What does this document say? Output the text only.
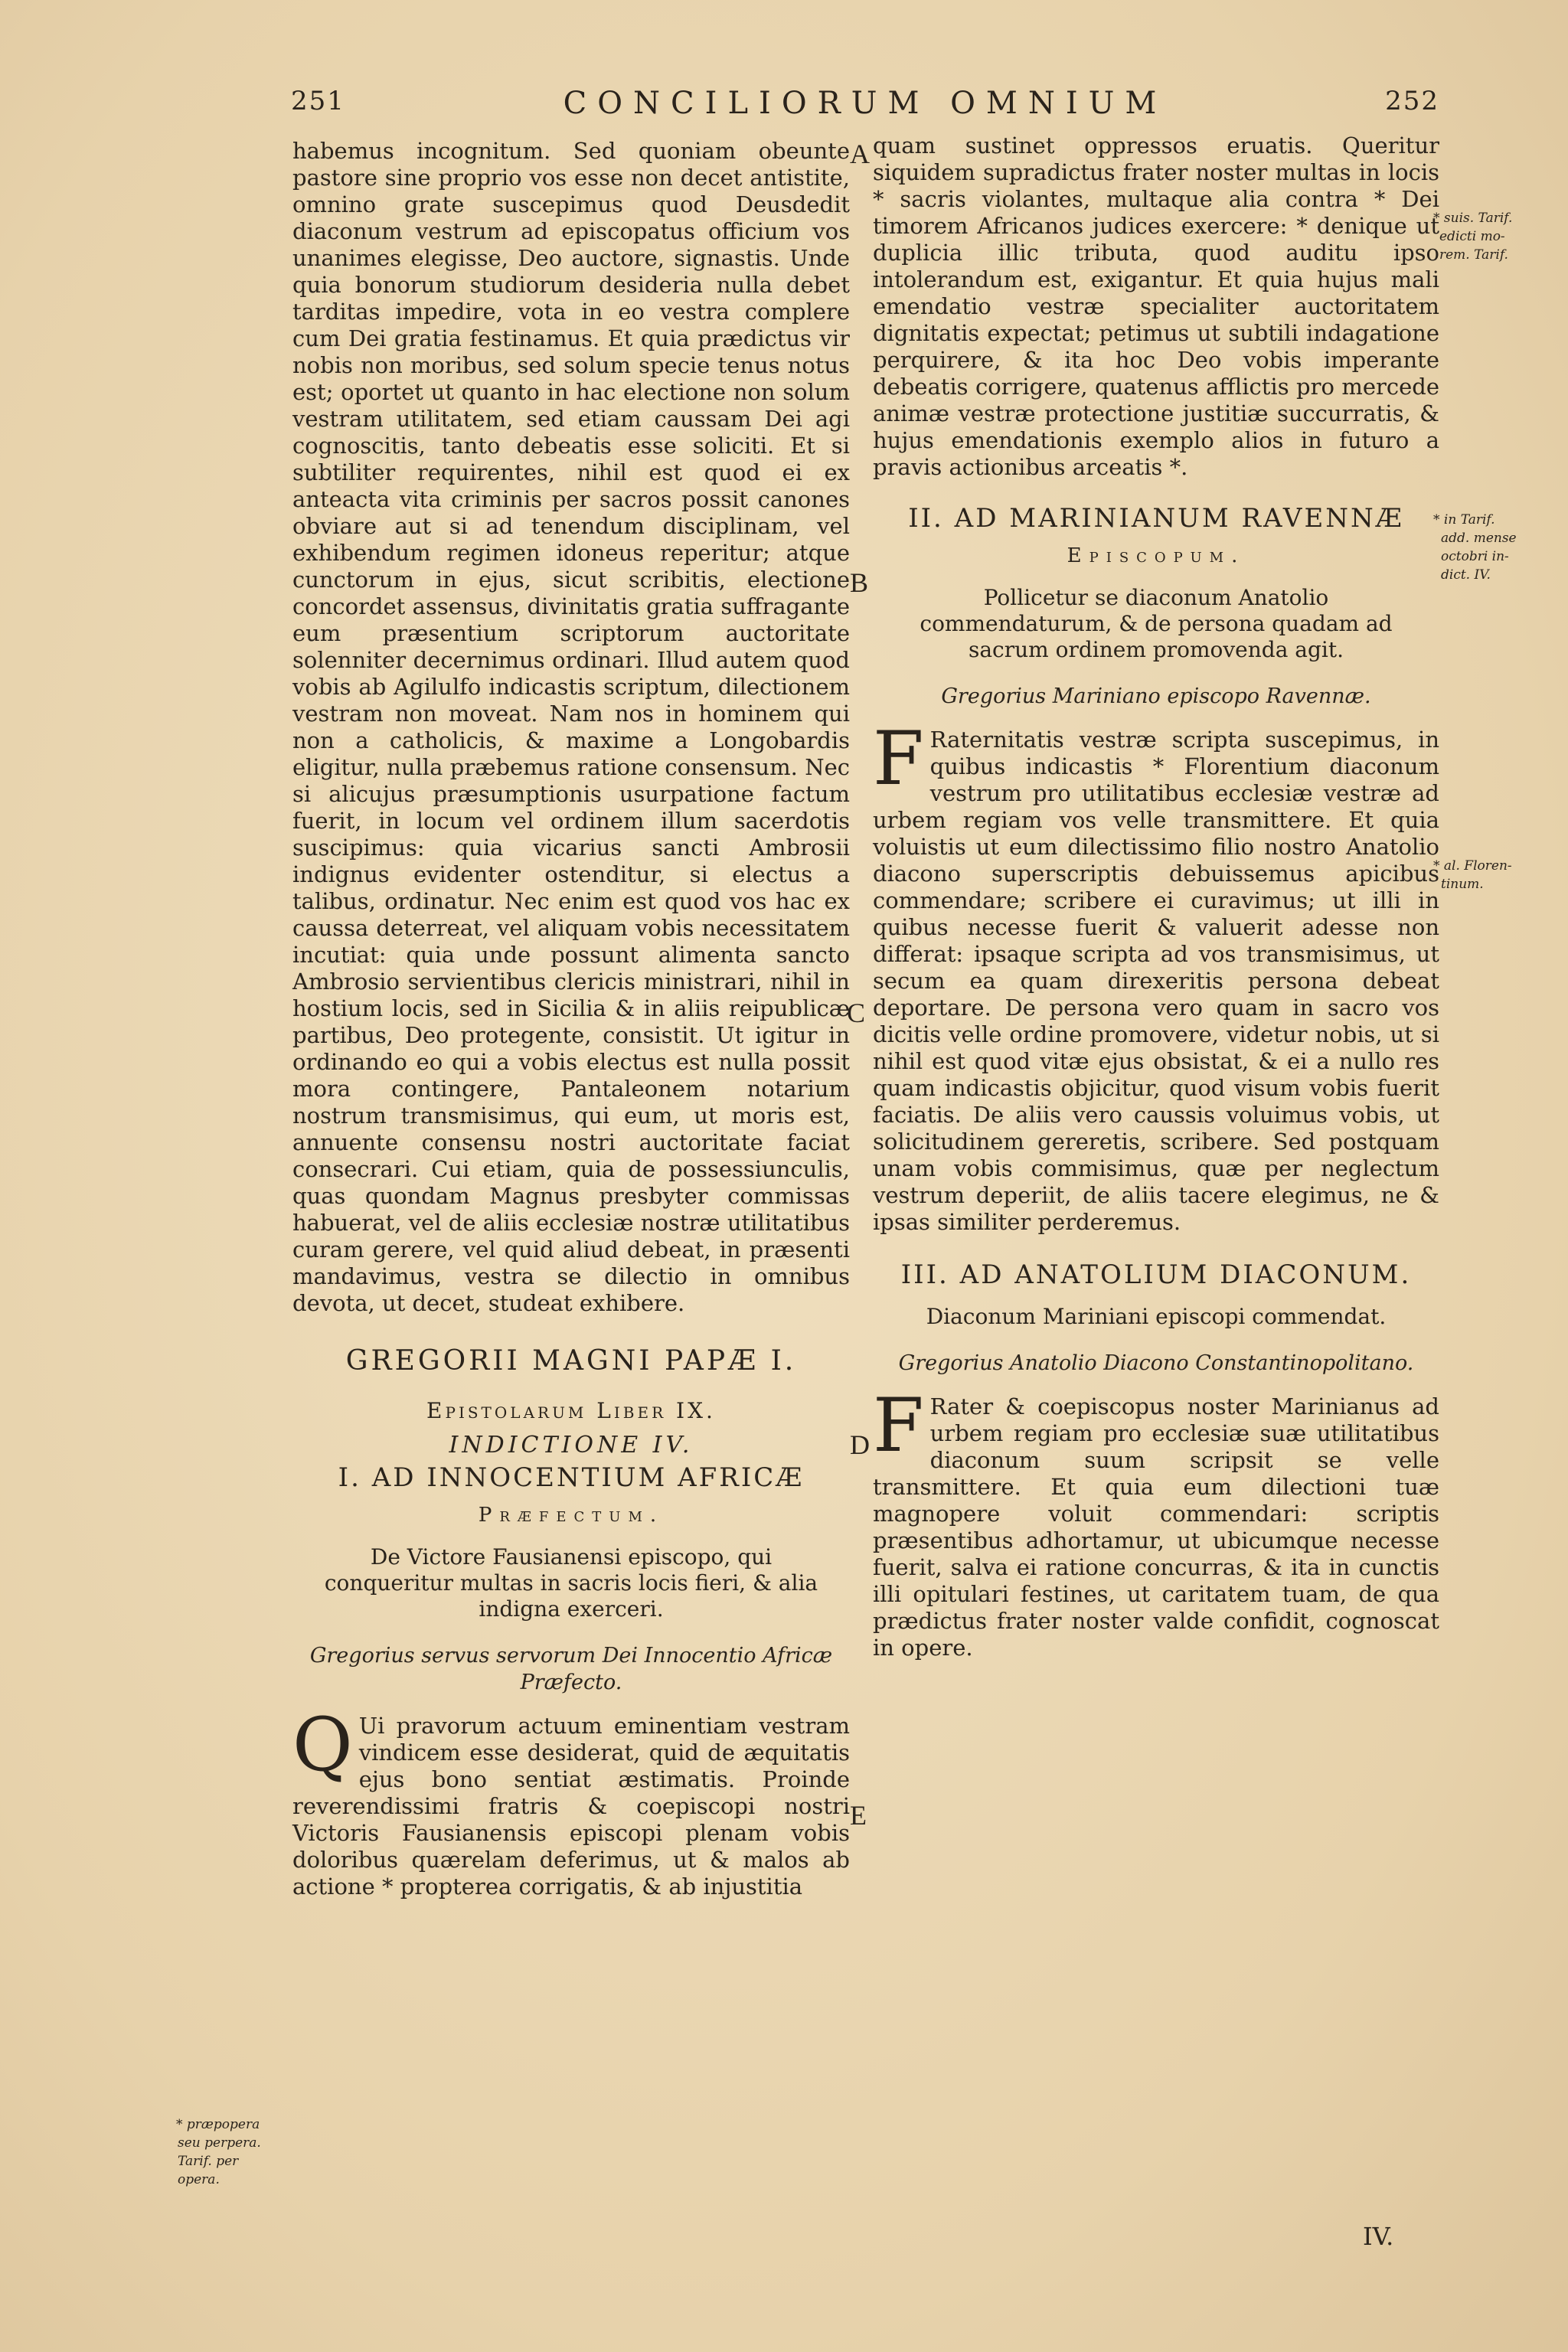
251	CONCILIORUM OMNIUM	252

habemus incognitum. Sed quoniam obeunte pastore sine proprio vos esse non decet antistite, omnino grate suscepimus quod Deusdedit diaconum vestrum ad episcopatus officium vos unanimes elegisse, Deo auctore, signastis. Unde quia bonorum studiorum desideria nulla debet tarditas impedire, vota in eo vestra complere cum Dei gratia festinamus. Et quia prædictus vir nobis non moribus, sed solum specie tenus notus est; oportet ut quanto in hac electione non solum vestram utilitatem, sed etiam caussam Dei agi cognoscitis, tanto debeatis esse soliciti. Et si subtiliter requirentes, nihil est quod ei ex anteacta vita criminis per sacros possit canones obviare aut si ad tenendum disciplinam, vel exhibendum regimen idoneus reperitur; atque cunctorum in ejus, sicut scribitis, electione concordet assensus, divinitatis gratia suffragante eum præsentium scriptorum auctoritate solenniter decernimus ordinari. Illud autem quod vobis ab Agilulfo indicastis scriptum, dilectionem vestram non moveat. Nam nos in hominem qui non a catholicis, & maxime a Longobardis eligitur, nulla præbemus ratione consensum. Nec si alicujus præsumptionis usurpatione factum fuerit, in locum vel ordinem illum sacerdotis suscipimus: quia vicarius sancti Ambrosii indignus evidenter ostenditur, si electus a talibus, ordinatur. Nec enim est quod vos hac ex caussa deterreat, vel aliquam vobis necessitatem incutiat: quia unde possunt alimenta sancto Ambrosio servientibus clericis ministrari, nihil in hostium locis, sed in Sicilia & in aliis reipublicæ partibus, Deo protegente, consistit. Ut igitur in ordinando eo qui a vobis electus est nulla possit mora contingere, Pantaleonem notarium nostrum transmisimus, qui eum, ut moris est, annuente consensu nostri auctoritate faciat consecrari. Cui etiam, quia de possessiunculis, quas quondam Magnus presbyter commissas habuerat, vel de aliis ecclesiæ nostræ utilitatibus curam gerere, vel quid aliud debeat, in præsenti mandavimus, vestra se dilectio in omnibus devota, ut decet, studeat exhibere.

GREGORII MAGNI PAPÆ I.
Epistolarum Liber IX.
INDICTIONE IV.
I. AD INNOCENTIUM AFRICÆ
Præfectum.
De Victore Fausianensi episcopo, qui conqueritur multas in sacris locis fieri, & alia indigna exerceri.
Gregorius servus servorum Dei Innocentio Africæ Præfecto.

Q Ui pravorum actuum eminentiam vestram vindicem esse desiderat, quid de æquitatis ejus bono sentiat æstimatis. Proinde reverendissimi fratris & coepiscopi nostri Victoris Fausianensis episcopi plenam vobis doloribus quærelam deferimus, ut & malos ab actione * propterea corrigatis, & ab injustitia

quam sustinet oppressos eruatis. Queritur siquidem supradictus frater noster multas in locis * sacris violantes, multaque alia contra * Dei timorem Africanos judices exercere: * denique ut duplicia illic tributa, quod auditu ipso intolerandum est, exigantur. Et quia hujus mali emendatio vestræ specialiter auctoritatem dignitatis expectat; petimus ut subtili indagatione perquirere, & ita hoc Deo vobis imperante debeatis corrigere, quatenus afflictis pro mercede animæ vestræ protectione justitiæ succurratis, & hujus emendationis exemplo alios in futuro a pravis actionibus arceatis *.

II. AD MARINIANUM RAVENNÆ
Episcopum.
Pollicetur se diaconum Anatolio commendaturum, & de persona quadam ad sacrum ordinem promovenda agit.
Gregorius Mariniano episcopo Ravennæ.

F Raternitatis vestræ scripta suscepimus, in quibus indicastis * Florentium diaconum vestrum pro utilitatibus ecclesiæ vestræ ad urbem regiam vos velle transmittere. Et quia voluistis ut eum dilectissimo filio nostro Anatolio diacono superscriptis debuissemus apicibus commendare; scribere ei curavimus; ut illi in quibus necesse fuerit & valuerit adesse non differat: ipsaque scripta ad vos transmisimus, ut secum ea quam direxeritis persona debeat deportare. De persona vero quam in sacro vos dicitis velle ordine promovere, videtur nobis, ut si nihil est quod vitæ ejus obsistat, & ei a nullo res quam indicastis objicitur, quod visum vobis fuerit faciatis. De aliis vero caussis voluimus vobis, ut solicitudinem gereretis, scribere. Sed postquam unam vobis commisimus, quæ per neglectum vestrum deperiit, de aliis tacere elegimus, ne & ipsas similiter perderemus.

III. AD ANATOLIUM DIACONUM.
Diaconum Mariniani episcopi commendat.
Gregorius Anatolio Diacono Constantinopolitano.

F Rater & coepiscopus noster Marinianus ad urbem regiam pro ecclesiæ suæ utilitatibus diaconum suum scripsit se velle transmittere. Et quia eum dilectioni tuæ magnopere voluit commendari: scriptis præsentibus adhortamur, ut ubicumque necesse fuerit, salva ei ratione concurras, & ita in cunctis illi opitulari festines, ut caritatem tuam, de qua prædictus frater noster valde confidit, cognoscat in opere.

A
B
C
D
E
* suis. Tarif.
edicti mo-
rem. Tarif.
* in Tarif.
add. mense
octobri in-
dict. IV.
* al. Floren-
tinum.
* præpopera
seu perpera.
Tarif. per
opera.
IV.
